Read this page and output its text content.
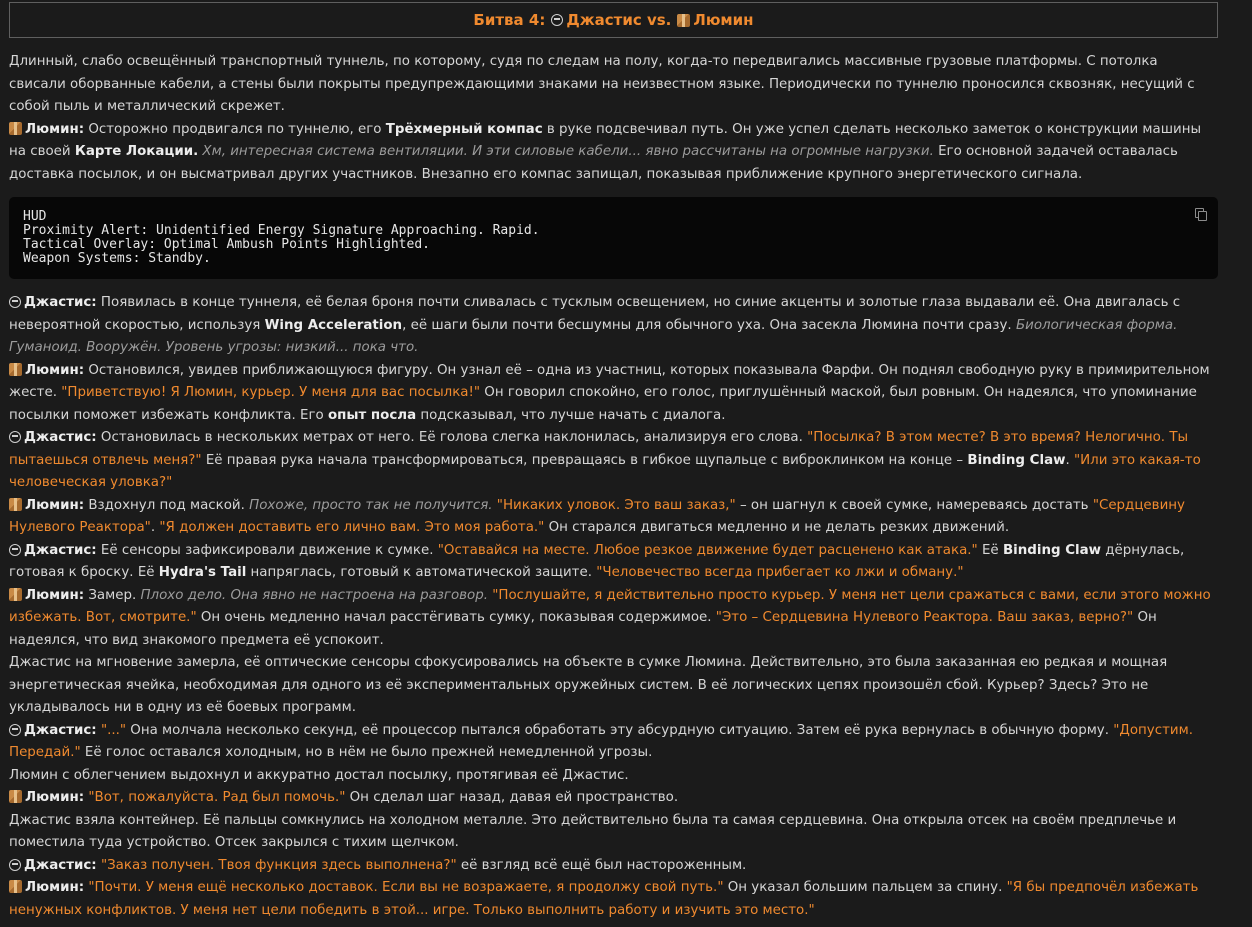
Битва 4: Джастис vs. Люмин

Длинный, слабо освещённый транспортный туннель, по которому, судя по следам на полу, когда-то передвигались массивные грузовые платформы. С потолка свисали оборванные кабели, а стены были покрыты предупреждающими знаками на неизвестном языке. Периодически по туннелю проносился сквозняк, несущий с собой пыль и металлический скрежет.

Люмин: Осторожно продвигался по туннелю, его Трёхмерный компас в руке подсвечивал путь. Он уже успел сделать несколько заметок о конструкции машины на своей Карте Локации. Хм, интересная система вентиляции. И эти силовые кабели... явно рассчитаны на огромные нагрузки. Его основной задачей оставалась доставка посылок, и он высматривал других участников. Внезапно его компас запищал, показывая приближение крупного энергетического сигнала.

HUD
Proximity Alert: Unidentified Energy Signature Approaching. Rapid.
Tactical Overlay: Optimal Ambush Points Highlighted.
Weapon Systems: Standby.

Джастис: Появилась в конце туннеля, её белая броня почти сливалась с тусклым освещением, но синие акценты и золотые глаза выдавали её. Она двигалась с невероятной скоростью, используя Wing Acceleration, её шаги были почти бесшумны для обычного уха. Она засекла Люмина почти сразу. Биологическая форма. Гуманоид. Вооружён. Уровень угрозы: низкий... пока что.

Люмин: Остановился, увидев приближающуюся фигуру. Он узнал её – одна из участниц, которых показывала Фарфи. Он поднял свободную руку в примирительном жесте. "Приветствую! Я Люмин, курьер. У меня для вас посылка!" Он говорил спокойно, его голос, приглушённый маской, был ровным. Он надеялся, что упоминание посылки поможет избежать конфликта. Его опыт посла подсказывал, что лучше начать с диалога.

Джастис: Остановилась в нескольких метрах от него. Её голова слегка наклонилась, анализируя его слова. "Посылка? В этом месте? В это время? Нелогично. Ты пытаешься отвлечь меня?" Её правая рука начала трансформироваться, превращаясь в гибкое щупальце с виброклинком на конце – Binding Claw. "Или это какая-то человеческая уловка?"

Люмин: Вздохнул под маской. Похоже, просто так не получится. "Никаких уловок. Это ваш заказ," – он шагнул к своей сумке, намереваясь достать "Сердцевину Нулевого Реактора". "Я должен доставить его лично вам. Это моя работа." Он старался двигаться медленно и не делать резких движений.

Джастис: Её сенсоры зафиксировали движение к сумке. "Оставайся на месте. Любое резкое движение будет расценено как атака." Её Binding Claw дёрнулась, готовая к броску. Её Hydra's Tail напряглась, готовый к автоматической защите. "Человечество всегда прибегает ко лжи и обману."

Люмин: Замер. Плохо дело. Она явно не настроена на разговор. "Послушайте, я действительно просто курьер. У меня нет цели сражаться с вами, если этого можно избежать. Вот, смотрите." Он очень медленно начал расстёгивать сумку, показывая содержимое. "Это – Сердцевина Нулевого Реактора. Ваш заказ, верно?" Он надеялся, что вид знакомого предмета её успокоит.

Джастис на мгновение замерла, её оптические сенсоры сфокусировались на объекте в сумке Люмина. Действительно, это была заказанная ею редкая и мощная энергетическая ячейка, необходимая для одного из её экспериментальных оружейных систем. В её логических цепях произошёл сбой. Курьер? Здесь? Это не укладывалось ни в одну из её боевых программ.

Джастис: "..." Она молчала несколько секунд, её процессор пытался обработать эту абсурдную ситуацию. Затем её рука вернулась в обычную форму. "Допустим. Передай." Её голос оставался холодным, но в нём не было прежней немедленной угрозы.

Люмин с облегчением выдохнул и аккуратно достал посылку, протягивая её Джастис.

Люмин: "Вот, пожалуйста. Рад был помочь." Он сделал шаг назад, давая ей пространство.

Джастис взяла контейнер. Её пальцы сомкнулись на холодном металле. Это действительно была та самая сердцевина. Она открыла отсек на своём предплечье и поместила туда устройство. Отсек закрылся с тихим щелчком.

Джастис: "Заказ получен. Твоя функция здесь выполнена?" её взгляд всё ещё был настороженным.

Люмин: "Почти. У меня ещё несколько доставок. Если вы не возражаете, я продолжу свой путь." Он указал большим пальцем за спину. "Я бы предпочёл избежать ненужных конфликтов. У меня нет цели победить в этой... игре. Только выполнить работу и изучить это место."
